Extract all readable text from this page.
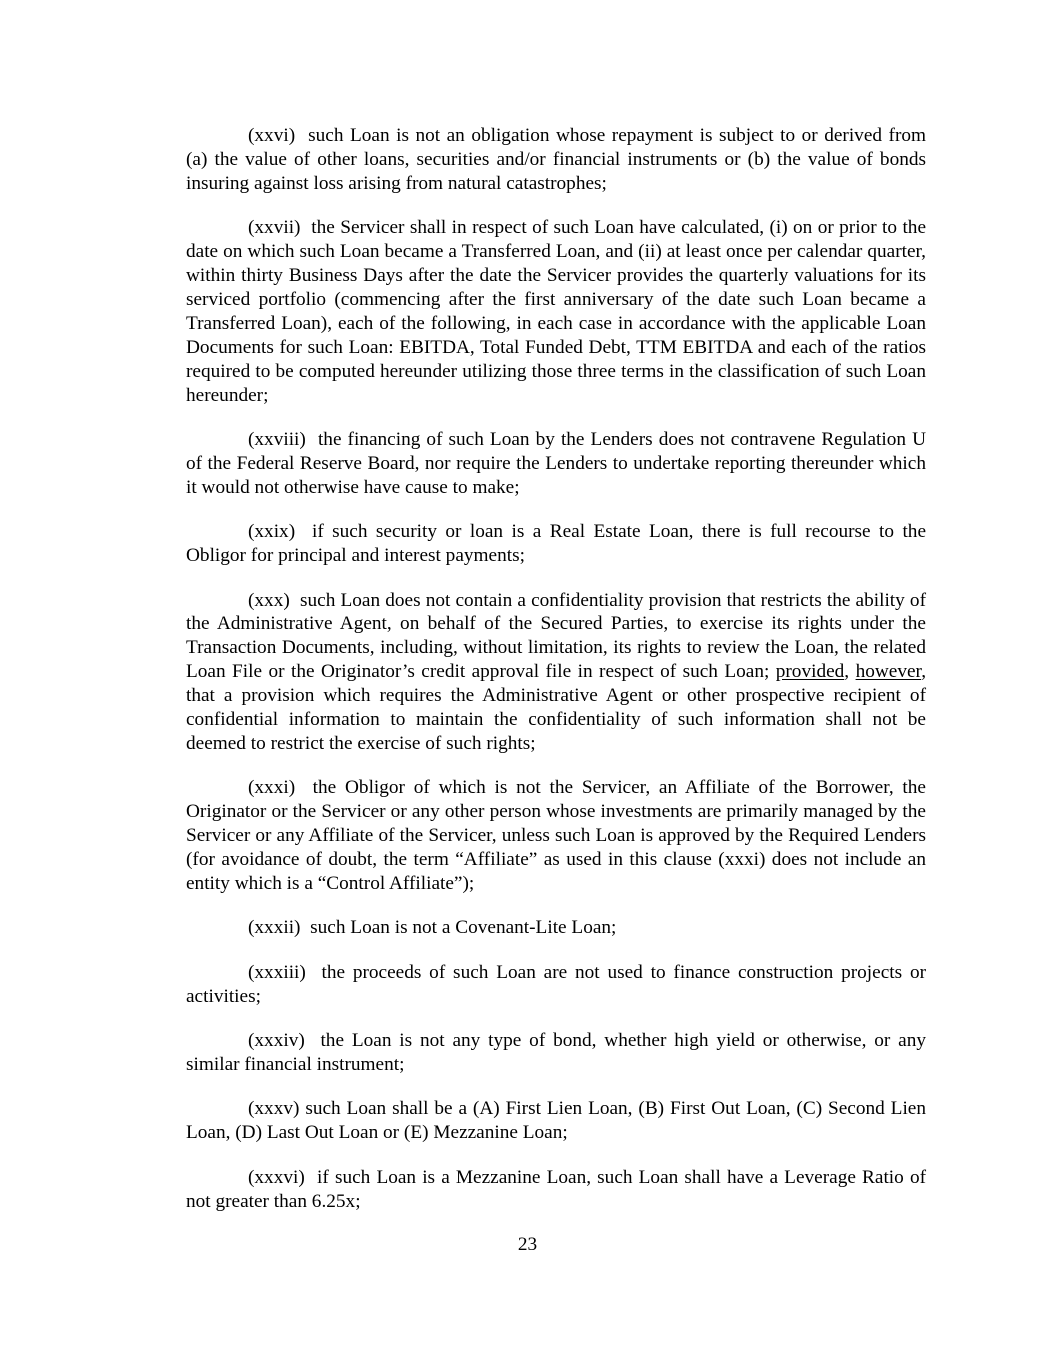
(xxvi) such Loan is not an obligation whose repayment is subject to or derived from (a) the value of other loans, securities and/or financial instruments or (b) the value of bonds insuring against loss arising from natural catastrophes;

(xxvii) the Servicer shall in respect of such Loan have calculated, (i) on or prior to the date on which such Loan became a Transferred Loan, and (ii) at least once per calendar quarter, within thirty Business Days after the date the Servicer provides the quarterly valuations for its serviced portfolio (commencing after the first anniversary of the date such Loan became a Transferred Loan), each of the following, in each case in accordance with the applicable Loan Documents for such Loan: EBITDA, Total Funded Debt, TTM EBITDA and each of the ratios required to be computed hereunder utilizing those three terms in the classification of such Loan hereunder;

(xxviii) the financing of such Loan by the Lenders does not contravene Regulation U of the Federal Reserve Board, nor require the Lenders to undertake reporting thereunder which it would not otherwise have cause to make;

(xxix) if such security or loan is a Real Estate Loan, there is full recourse to the Obligor for principal and interest payments;

(xxx) such Loan does not contain a confidentiality provision that restricts the ability of the Administrative Agent, on behalf of the Secured Parties, to exercise its rights under the Transaction Documents, including, without limitation, its rights to review the Loan, the related Loan File or the Originator’s credit approval file in respect of such Loan; provided, however, that a provision which requires the Administrative Agent or other prospective recipient of confidential information to maintain the confidentiality of such information shall not be deemed to restrict the exercise of such rights;

(xxxi) the Obligor of which is not the Servicer, an Affiliate of the Borrower, the Originator or the Servicer or any other person whose investments are primarily managed by the Servicer or any Affiliate of the Servicer, unless such Loan is approved by the Required Lenders (for avoidance of doubt, the term “Affiliate” as used in this clause (xxxi) does not include an entity which is a “Control Affiliate”);

(xxxii) such Loan is not a Covenant-Lite Loan;

(xxxiii) the proceeds of such Loan are not used to finance construction projects or activities;

(xxxiv) the Loan is not any type of bond, whether high yield or otherwise, or any similar financial instrument;

(xxxv) such Loan shall be a (A) First Lien Loan, (B) First Out Loan, (C) Second Lien Loan, (D) Last Out Loan or (E) Mezzanine Loan;

(xxxvi) if such Loan is a Mezzanine Loan, such Loan shall have a Leverage Ratio of not greater than 6.25x;

23
